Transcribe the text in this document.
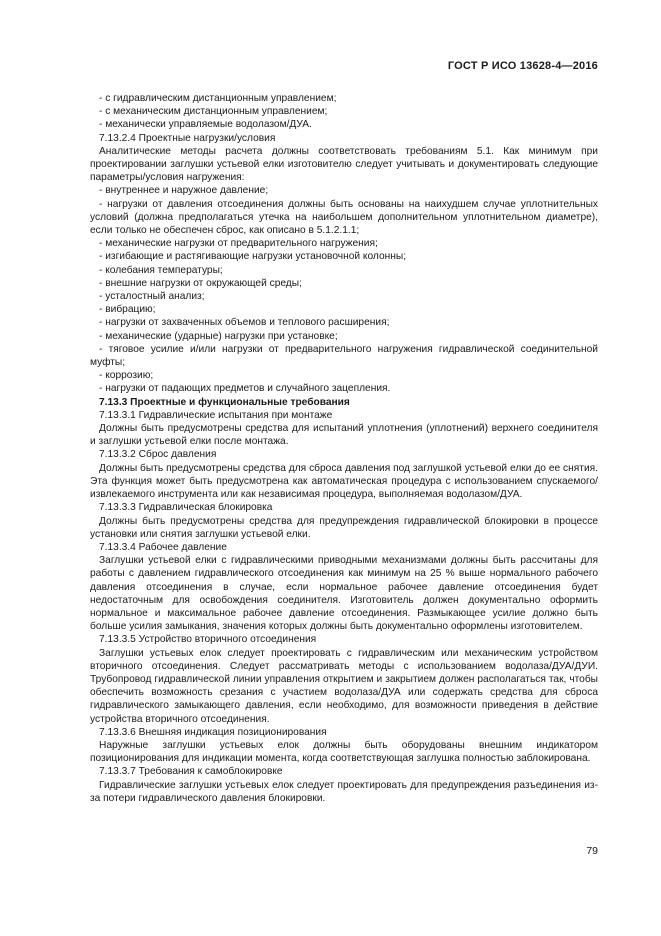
ГОСТ Р ИСО 13628-4—2016

- с гидравлическим дистанционным управлением;

- с механическим дистанционным управлением;

- механически управляемые водолазом/ДУА.

7.13.2.4 Проектные нагрузки/условия

Аналитические методы расчета должны соответствовать требованиям 5.1. Как минимум при проектировании заглушки устьевой елки изготовителю следует учитывать и документировать следующие параметры/условия нагружения:

- внутреннее и наружное давление;

- нагрузки от давления отсоединения должны быть основаны на наихудшем случае уплотнительных условий (должна предполагаться утечка на наибольшем дополнительном уплотнительном диаметре), если только не обеспечен сброс, как описано в 5.1.2.1.1;

- механические нагрузки от предварительного нагружения;

- изгибающие и растягивающие нагрузки установочной колонны;

- колебания температуры;

- внешние нагрузки от окружающей среды;

- усталостный анализ;

- вибрацию;

- нагрузки от захваченных объемов и теплового расширения;

- механические (ударные) нагрузки при установке;

- тяговое усилие и/или нагрузки от предварительного нагружения гидравлической соединительной муфты;

- коррозию;

- нагрузки от падающих предметов и случайного зацепления.

7.13.3 Проектные и функциональные требования

7.13.3.1 Гидравлические испытания при монтаже

Должны быть предусмотрены средства для испытаний уплотнения (уплотнений) верхнего соединителя и заглушки устьевой елки после монтажа.

7.13.3.2 Сброс давления

Должны быть предусмотрены средства для сброса давления под заглушкой устьевой елки до ее снятия. Эта функция может быть предусмотрена как автоматическая процедура с использованием спускаемого/извлекаемого инструмента или как независимая процедура, выполняемая водолазом/ДУА.

7.13.3.3 Гидравлическая блокировка

Должны быть предусмотрены средства для предупреждения гидравлической блокировки в процессе установки или снятия заглушки устьевой елки.

7.13.3.4 Рабочее давление

Заглушки устьевой елки с гидравлическими приводными механизмами должны быть рассчитаны для работы с давлением гидравлического отсоединения как минимум на 25 % выше нормального рабочего давления отсоединения в случае, если нормальное рабочее давление отсоединения будет недостаточным для освобождения соединителя. Изготовитель должен документально оформить нормальное и максимальное рабочее давление отсоединения. Размыкающее усилие должно быть больше усилия замыкания, значения которых должны быть документально оформлены изготовителем.

7.13.3.5 Устройство вторичного отсоединения

Заглушки устьевых елок следует проектировать с гидравлическим или механическим устройством вторичного отсоединения. Следует рассматривать методы с использованием водолаза/ДУА/ДУИ. Трубопровод гидравлической линии управления открытием и закрытием должен располагаться так, чтобы обеспечить возможность срезания с участием водолаза/ДУА или содержать средства для сброса гидравлического замыкающего давления, если необходимо, для возможности приведения в действие устройства вторичного отсоединения.

7.13.3.6 Внешняя индикация позиционирования

Наружные заглушки устьевых елок должны быть оборудованы внешним индикатором позиционирования для индикации момента, когда соответствующая заглушка полностью заблокирована.

7.13.3.7 Требования к самоблокировке

Гидравлические заглушки устьевых елок следует проектировать для предупреждения разъединения из-за потери гидравлического давления блокировки.

79
